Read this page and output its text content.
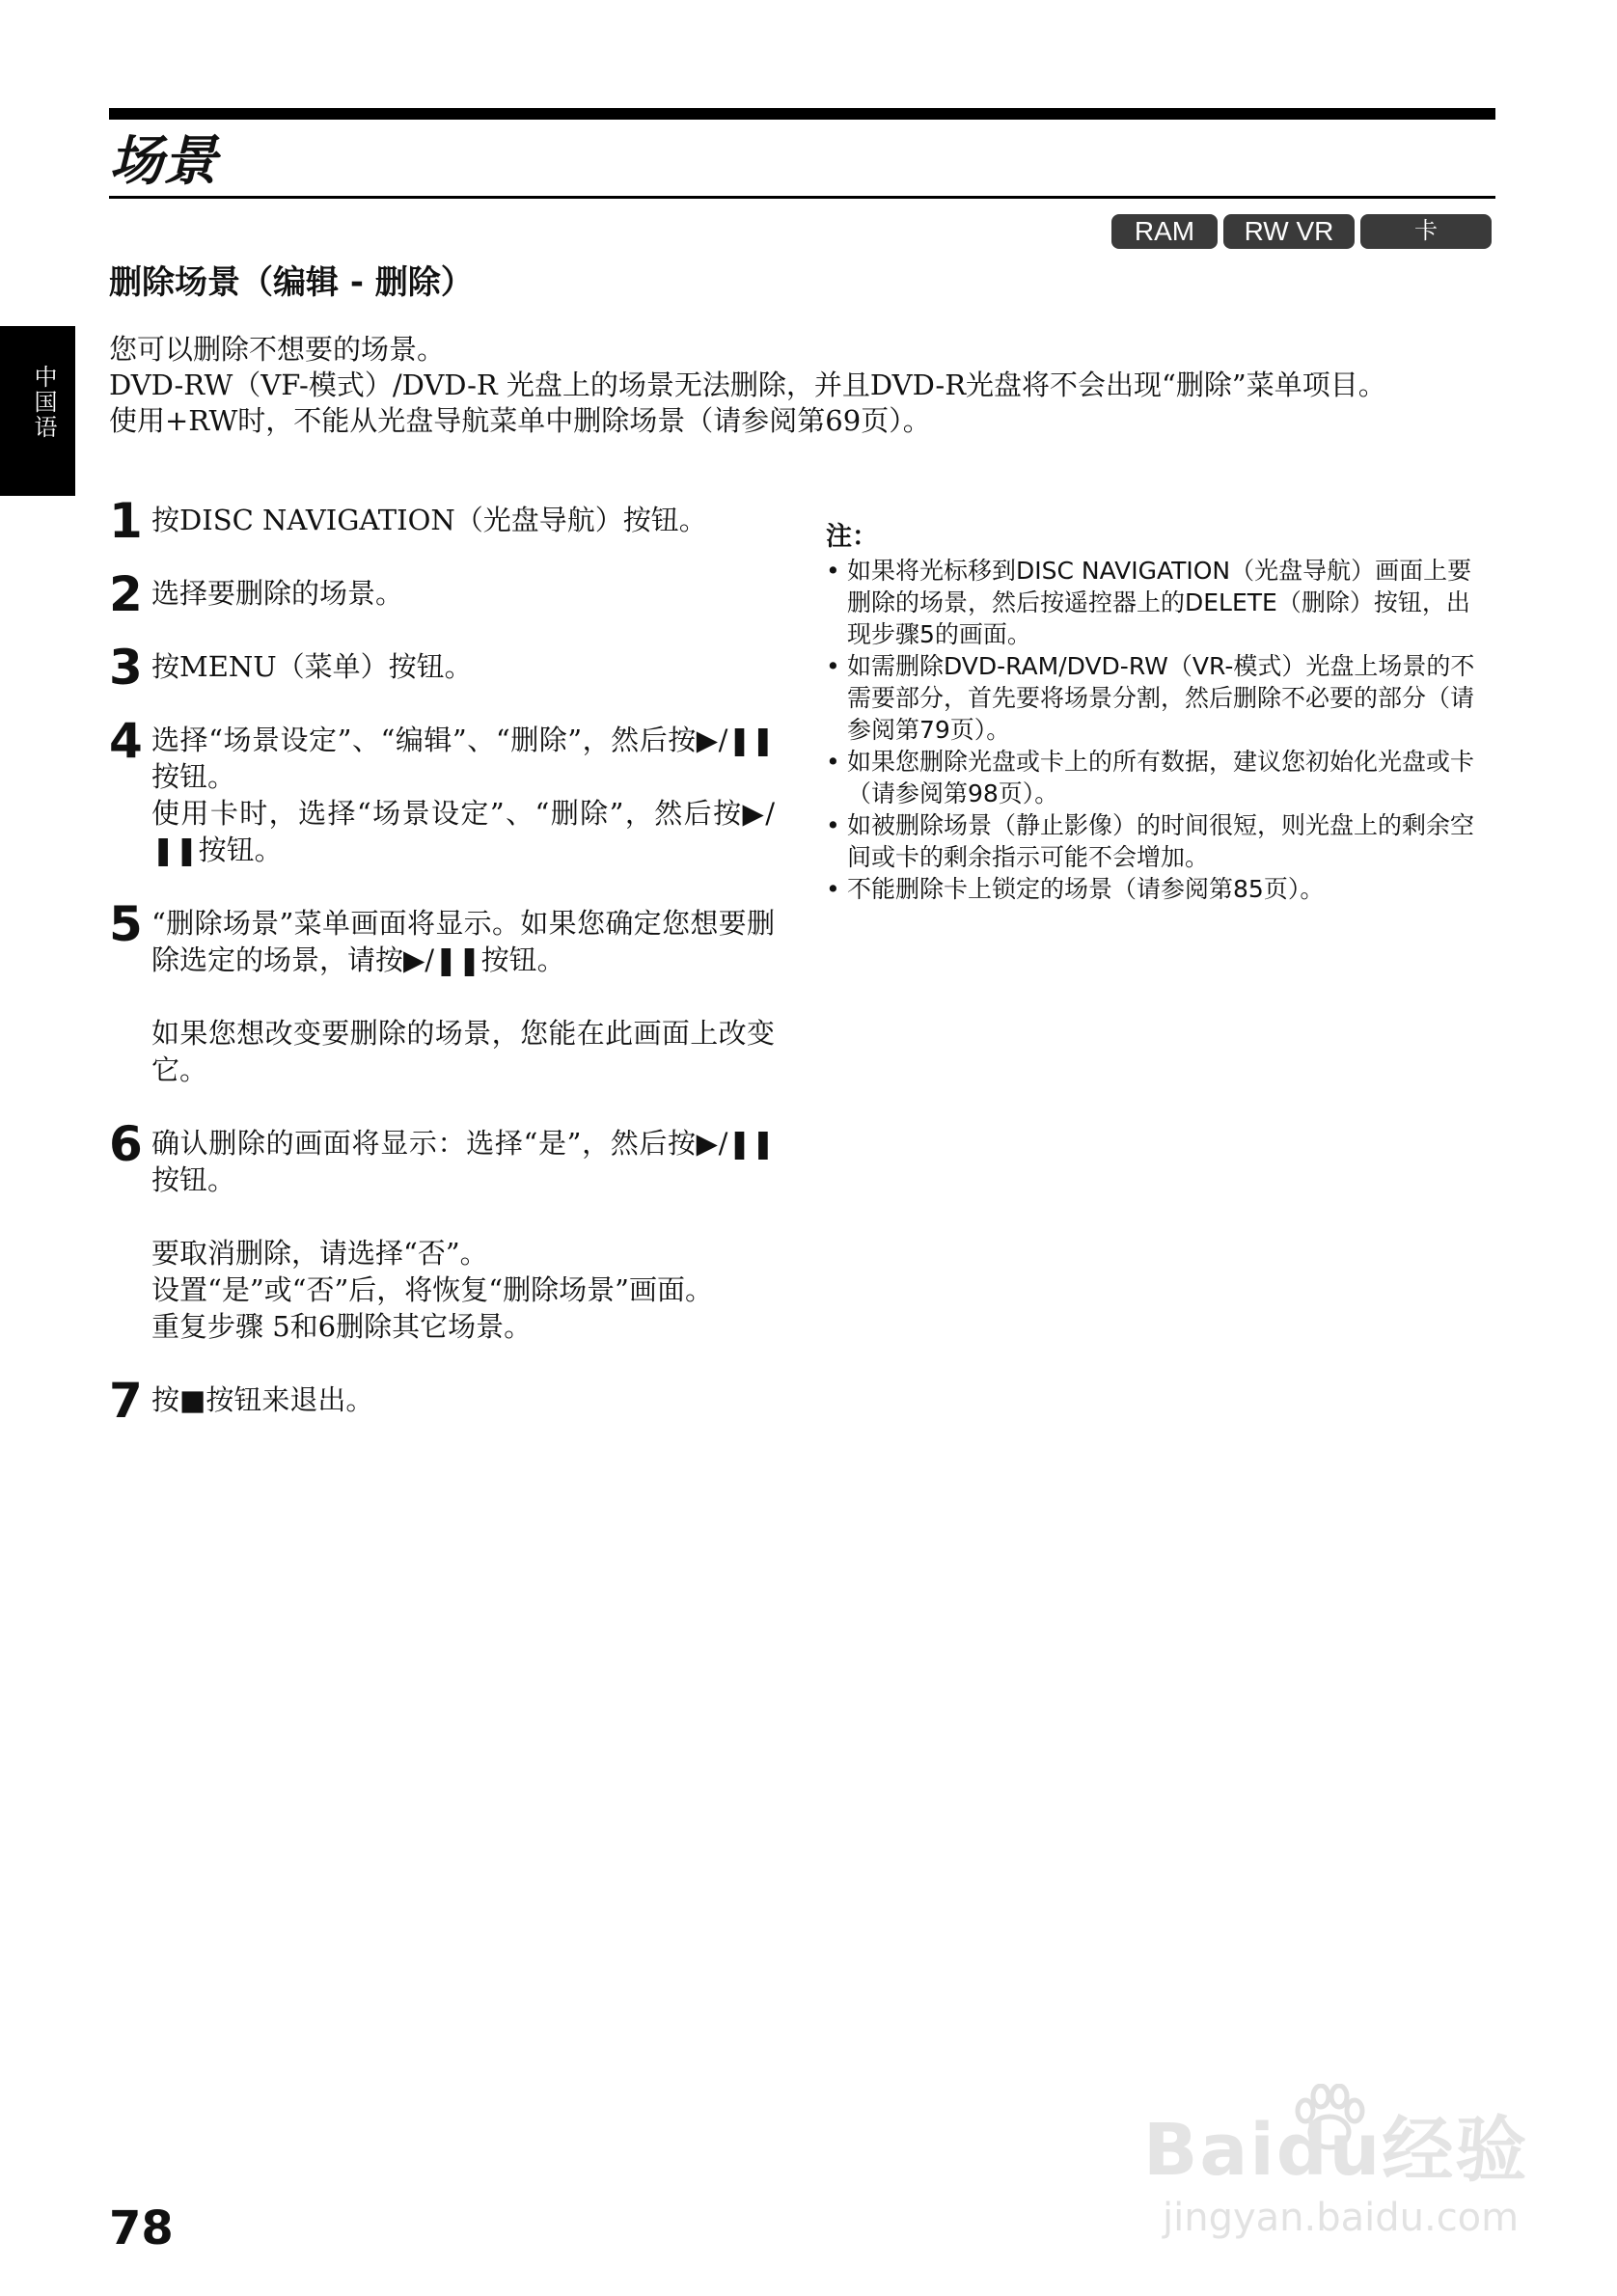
场景
RAM	RW VR	卡
删除场景（编辑 - 删除）
中国语

您可以删除不想要的场景。

DVD-RW（VF-模式）/DVD-R 光盘上的场景无法删除，并且DVD-R光盘将不会出现“删除”菜单项目。

使用+RW时，不能从光盘导航菜单中删除场景（请参阅第69页）。

1 按DISC NAVIGATION（光盘导航）按钮。

2 选择要删除的场景。

3 按MENU（菜单）按钮。

4 选择“场景设定”、“编辑”、“删除”，然后按▶/❚❚按钮。

使用卡时，选择“场景设定”、“删除”，然后按▶/❚❚按钮。

5 “删除场景”菜单画面将显示。如果您确定您想要删除选定的场景，请按▶/❚❚按钮。

如果您想改变要删除的场景，您能在此画面上改变它。

6 确认删除的画面将显示：选择“是”，然后按▶/❚❚按钮。

要取消删除，请选择“否”。

设置“是”或“否”后，将恢复“删除场景”画面。

重复步骤 5和6删除其它场景。

7 按■按钮来退出。

注：

• 如果将光标移到DISC NAVIGATION（光盘导航）画面上要删除的场景，然后按遥控器上的DELETE（删除）按钮，出现步骤5的画面。
• 如需删除DVD-RAM/DVD-RW（VR-模式）光盘上场景的不需要部分，首先要将场景分割，然后删除不必要的部分（请参阅第79页）。
• 如果您删除光盘或卡上的所有数据，建议您初始化光盘或卡（请参阅第98页）。
• 如被删除场景（静止影像）的时间很短，则光盘上的剩余空间或卡的剩余指示可能不会增加。
• 不能删除卡上锁定的场景（请参阅第85页）。
78
Baidu经验
jingyan.baidu.com
